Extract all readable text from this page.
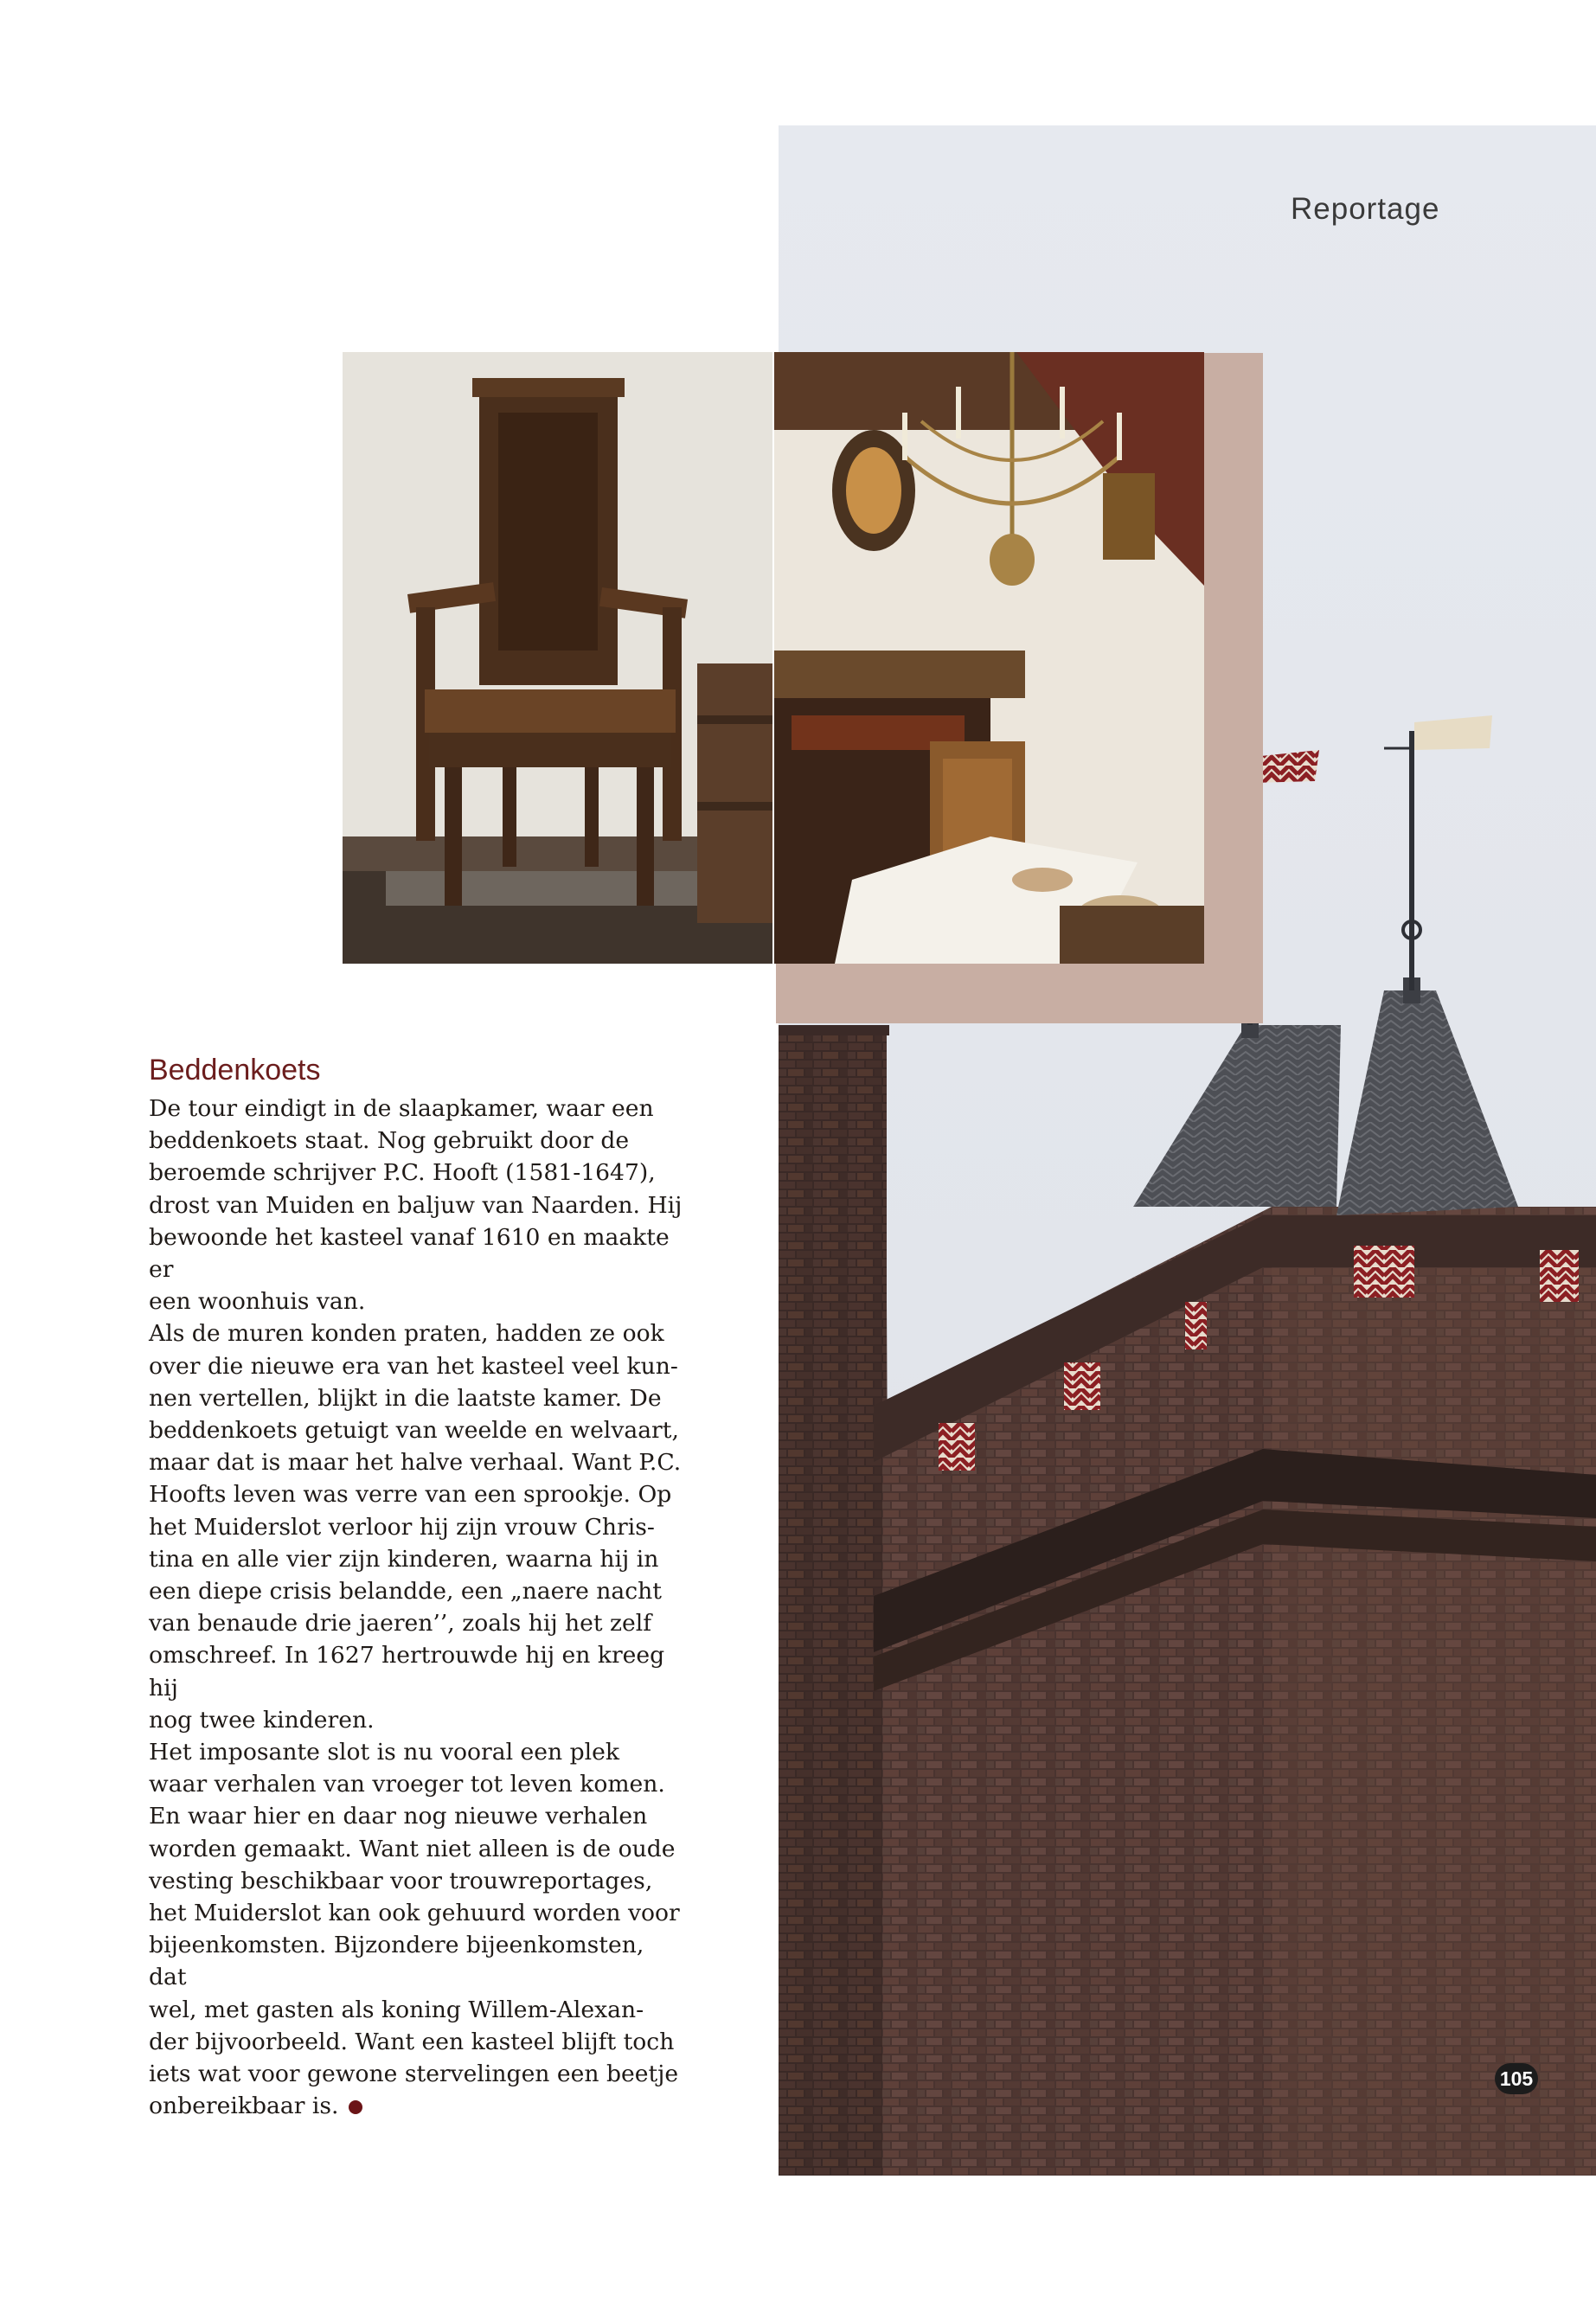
Reportage
Beddenkoets

De tour eindigt in de slaapkamer, waar een
beddenkoets staat. Nog gebruikt door de
beroemde schrijver P.C. Hooft (1581-1647),
drost van Muiden en baljuw van Naarden. Hij
bewoonde het kasteel vanaf 1610 en maakte er
een woonhuis van.

Als de muren konden praten, hadden ze ook
over die nieuwe era van het kasteel veel kun-
nen vertellen, blijkt in die laatste kamer. De
beddenkoets getuigt van weelde en welvaart,
maar dat is maar het halve verhaal. Want P.C.
Hoofts leven was verre van een sprookje. Op
het Muiderslot verloor hij zijn vrouw Chris-
tina en alle vier zijn kinderen, waarna hij in
een diepe crisis belandde, een „naere nacht
van benaude drie jaeren’’, zoals hij het zelf
omschreef. In 1627 hertrouwde hij en kreeg hij
nog twee kinderen.

Het imposante slot is nu vooral een plek
waar verhalen van vroeger tot leven komen.
En waar hier en daar nog nieuwe verhalen
worden gemaakt. Want niet alleen is de oude
vesting beschikbaar voor trouwreportages,
het Muiderslot kan ook gehuurd worden voor
bijeenkomsten. Bijzondere bijeenkomsten, dat
wel, met gasten als koning Willem-Alexan-
der bijvoorbeeld. Want een kasteel blijft toch
iets wat voor gewone stervelingen een beetje
onbereikbaar is.

105
